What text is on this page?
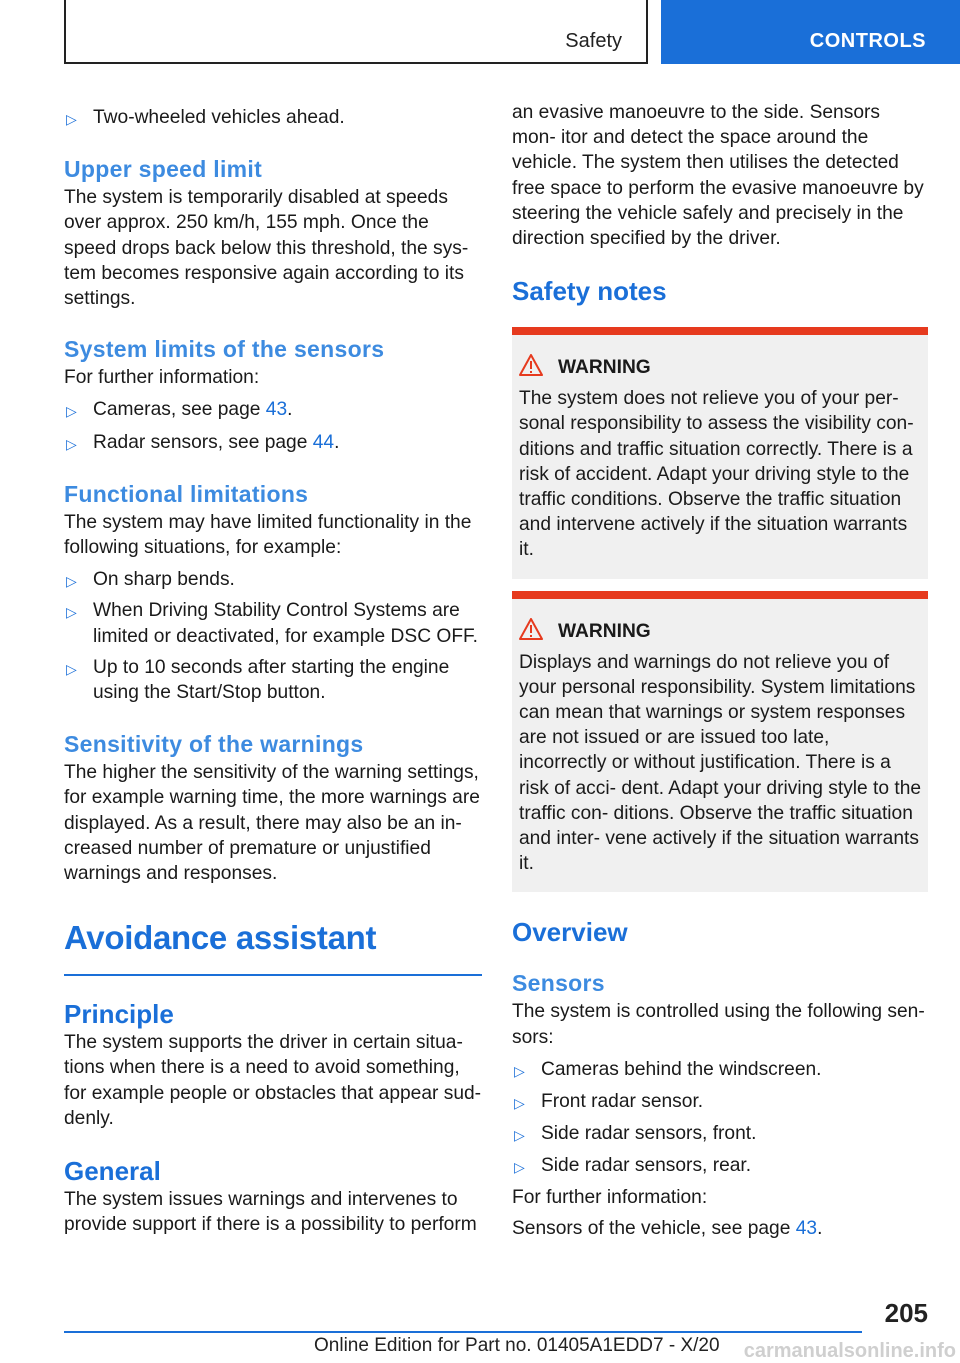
Safety	CONTROLS
▷ Two-wheeled vehicles ahead.
Upper speed limit

The system is temporarily disabled at speeds over approx. 250 km/h, 155 mph. Once the speed drops back below this threshold, the sys‐ tem becomes responsive again according to its settings.

System limits of the sensors

For further information:

▷ Cameras, see page 43.
▷ Radar sensors, see page 44.
Functional limitations

The system may have limited functionality in the following situations, for example:

▷ On sharp bends.
▷ When Driving Stability Control Systems are limited or deactivated, for example DSC OFF.
▷ Up to 10 seconds after starting the engine using the Start/Stop button.
Sensitivity of the warnings

The higher the sensitivity of the warning settings, for example warning time, the more warnings are displayed. As a result, there may also be an in‐ creased number of premature or unjustified warnings and responses.

Avoidance assistant
Principle

The system supports the driver in certain situa‐ tions when there is a need to avoid something, for example people or obstacles that appear sud‐ denly.

General

The system issues warnings and intervenes to provide support if there is a possibility to perform

an evasive manoeuvre to the side. Sensors mon‐ itor and detect the space around the vehicle. The system then utilises the detected free space to perform the evasive manoeuvre by steering the vehicle safely and precisely in the direction specified by the driver.

Safety notes
WARNING

The system does not relieve you of your per‐ sonal responsibility to assess the visibility con‐ ditions and traffic situation correctly. There is a risk of accident. Adapt your driving style to the traffic conditions. Observe the traffic situation and intervene actively if the situation warrants it.

WARNING

Displays and warnings do not relieve you of your personal responsibility. System limitations can mean that warnings or system responses are not issued or are issued too late, incorrectly or without justification. There is a risk of acci‐ dent. Adapt your driving style to the traffic con‐ ditions. Observe the traffic situation and inter‐ vene actively if the situation warrants it.

Overview
Sensors

The system is controlled using the following sen‐ sors:

▷ Cameras behind the windscreen.
▷ Front radar sensor.
▷ Side radar sensors, front.
▷ Side radar sensors, rear.

For further information:

Sensors of the vehicle, see page 43.

205
Online Edition for Part no. 01405A1EDD7 - X/20 carmanualsonline.info
